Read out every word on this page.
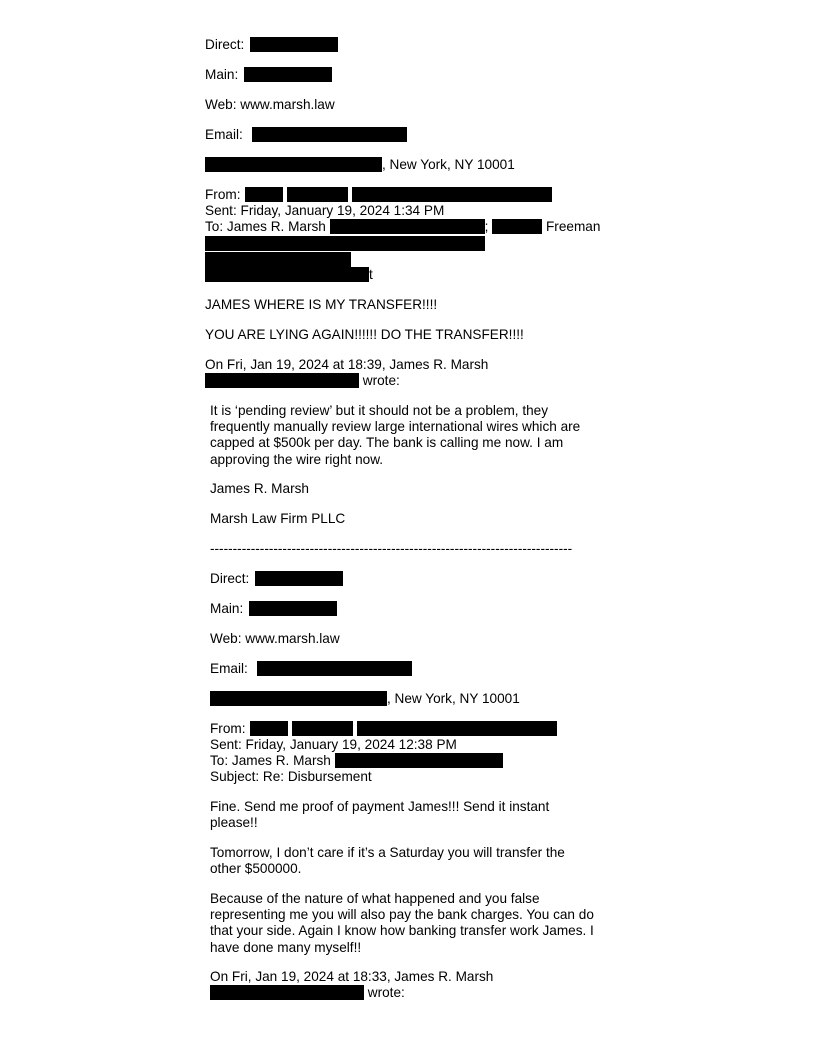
Direct:
Main:
Web: www.marsh.law
Email:
, New York, NY 10001
From:
Sent: Friday, January 19, 2024 1:34 PM
To: James R. Marsh	;	Freeman
t
JAMES WHERE IS MY TRANSFER!!!!
YOU ARE LYING AGAIN!!!!!! DO THE TRANSFER!!!!
On Fri, Jan 19, 2024 at 18:39, James R. Marsh
wrote:
It is ‘pending review’ but it should not be a problem, they
frequently manually review large international wires which are
capped at $500k per day. The bank is calling me now. I am
approving the wire right now.
James R. Marsh
Marsh Law Firm PLLC
--------------------------------------------------------------------------------
Direct:
Main:
Web: www.marsh.law
Email:
, New York, NY 10001
From:
Sent: Friday, January 19, 2024 12:38 PM
To: James R. Marsh
Subject: Re: Disbursement
Fine. Send me proof of payment James!!! Send it instant
please!!
Tomorrow, I don’t care if it’s a Saturday you will transfer the
other $500000.
Because of the nature of what happened and you false
representing me you will also pay the bank charges. You can do
that your side. Again I know how banking transfer work James. I
have done many myself!!
On Fri, Jan 19, 2024 at 18:33, James R. Marsh
wrote:
